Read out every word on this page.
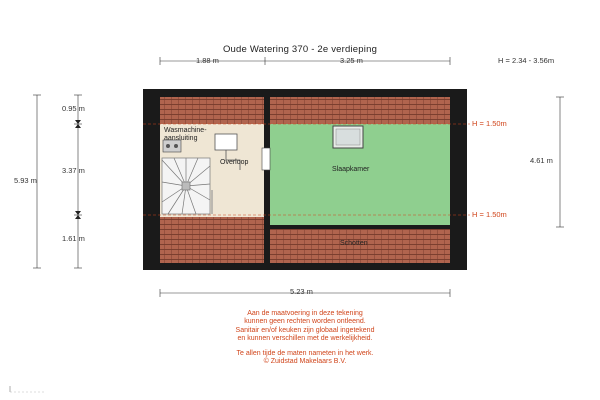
Oude Watering 370 - 2e verdieping
1.88 m	3.25 m	H = 2.34 - 3.56m
5.93 m
0.95 m
3.37 m
1.61 m
4.61 m
5.23 m
H = 1.50m
H = 1.50m
Wasmachine-
aansluiting
Overloop
Slaapkamer
Schotten
Aan de maatvoering in deze tekening
kunnen geen rechten worden ontleend.
Sanitair en/of keuken zijn globaal ingetekend
en kunnen verschillen met de werkelijkheid.
Te allen tijde de maten nameten in het werk.
© Zuidstad Makelaars B.V.
